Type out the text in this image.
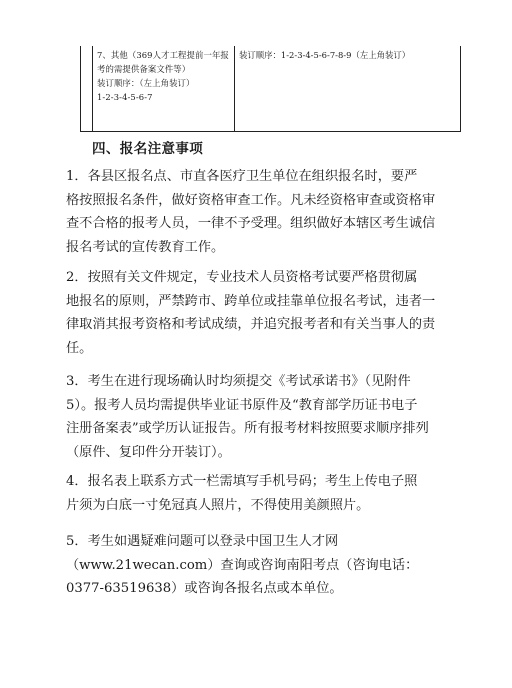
7、其他（369人才工程提前一年报
考的需提供备案文件等）
装订顺序：（左上角装订）
1-2-3-4-5-6-7
装订顺序：1-2-3-4-5-6-7-8-9（左上角装订）
四、报名注意事项
1．各县区报名点、市直各医疗卫生单位在组织报名时，要严
格按照报名条件，做好资格审查工作。凡未经资格审查或资格审
查不合格的报考人员，一律不予受理。组织做好本辖区考生诚信
报名考试的宣传教育工作。
2．按照有关文件规定，专业技术人员资格考试要严格贯彻属
地报名的原则，严禁跨市、跨单位或挂靠单位报名考试，违者一
律取消其报考资格和考试成绩，并追究报考者和有关当事人的责
任。
3．考生在进行现场确认时均须提交《考试承诺书》（见附件
5）。报考人员均需提供毕业证书原件及“教育部学历证书电子
注册备案表”或学历认证报告。所有报考材料按照要求顺序排列
（原件、复印件分开装订）。
4．报名表上联系方式一栏需填写手机号码；考生上传电子照
片须为白底一寸免冠真人照片，不得使用美颜照片。
5．考生如遇疑难问题可以登录中国卫生人才网
（www.21wecan.com）查询或咨询南阳考点（咨询电话：
0377-63519638）或咨询各报名点或本单位。
